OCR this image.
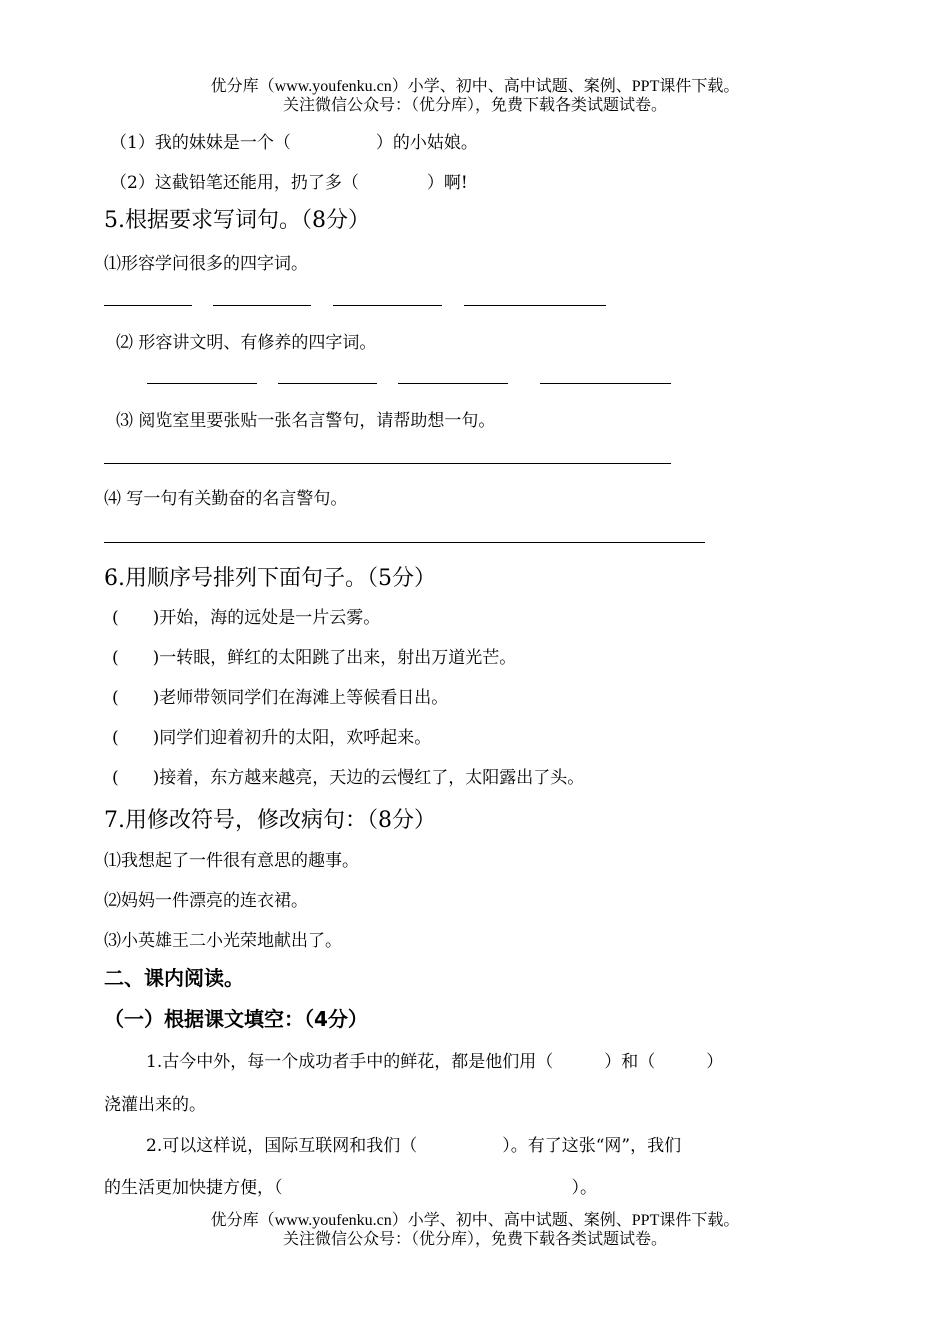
优分库（www.youfenku.cn）小学、初中、高中试题、案例、PPT课件下载。
关注微信公众号：（优分库），免费下载各类试题试卷。
（1）我的妹妹是一个（　　　　　）的小姑娘。
（2）这截铅笔还能用，扔了多（　　　　）啊!
5.根据要求写词句。（8分）
⑴形容学问很多的四字词。
⑵ 形容讲文明、有修养的四字词。
⑶ 阅览室里要张贴一张名言警句，请帮助想一句。
⑷ 写一句有关勤奋的名言警句。
6.用顺序号排列下面句子。（5分）
(　　)开始，海的远处是一片云雾。
(　　)一转眼，鲜红的太阳跳了出来，射出万道光芒。
(　　)老师带领同学们在海滩上等候看日出。
(　　)同学们迎着初升的太阳，欢呼起来。
(　　)接着，东方越来越亮，天边的云慢红了，太阳露出了头。
7.用修改符号，修改病句：（8分）
⑴我想起了一件很有意思的趣事。
⑵妈妈一件漂亮的连衣裙。
⑶小英雄王二小光荣地献出了。
二、课内阅读。
（一）根据课文填空：（4分）
1.古今中外，每一个成功者手中的鲜花，都是他们用（　　　）和（　　　）
浇灌出来的。
2.可以这样说，国际互联网和我们（　　　　　）。有了这张“网”，我们
的生活更加快捷方便，（　　　　　　　　　　　　　　　　　）。
优分库（www.youfenku.cn）小学、初中、高中试题、案例、PPT课件下载。
关注微信公众号：（优分库），免费下载各类试题试卷。
